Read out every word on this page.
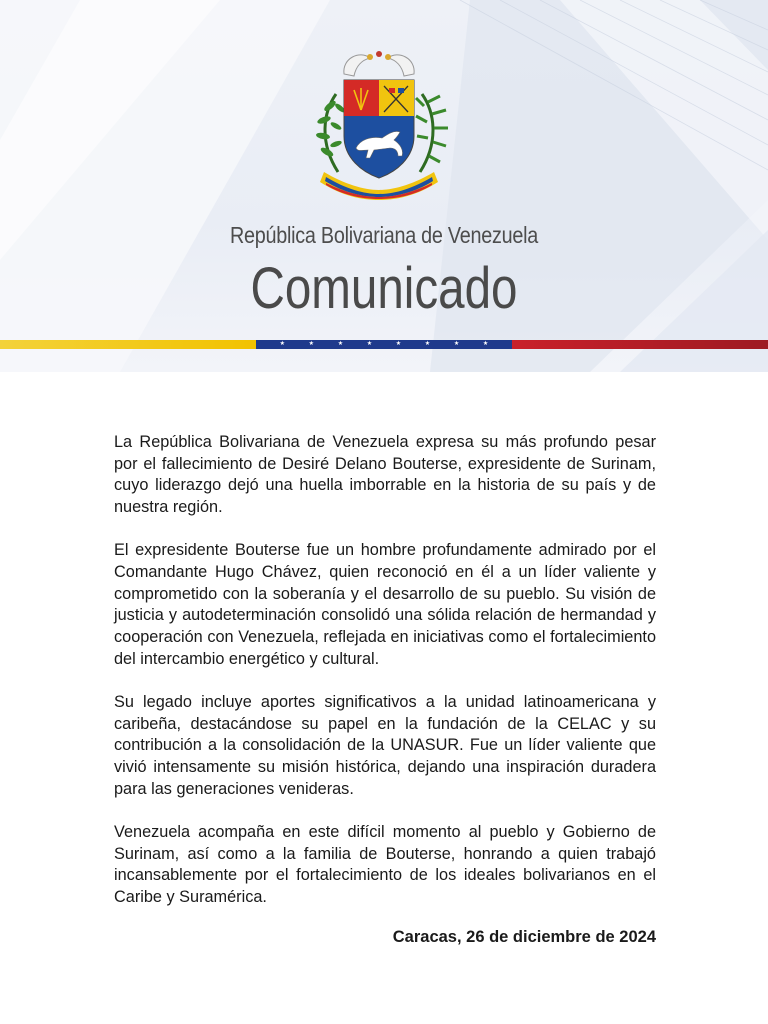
República Bolivariana de Venezuela
Comunicado
★	★	★	★	★	★	★	★

La República Bolivariana de Venezuela expresa su más profundo pesar por el fallecimiento de Desiré Delano Bouterse, expresidente de Surinam, cuyo liderazgo dejó una huella imborrable en la historia de su país y de nuestra región.

El expresidente Bouterse fue un hombre profundamente admirado por el Comandante Hugo Chávez, quien reconoció en él a un líder valiente y comprometido con la soberanía y el desarrollo de su pueblo. Su visión de justicia y autodeterminación consolidó una sólida relación de hermandad y cooperación con Venezuela, reflejada en iniciativas como el fortalecimiento del intercambio energético y cultural.

Su legado incluye aportes significativos a la unidad latinoamericana y caribeña, destacándose su papel en la fundación de la CELAC y su contribución a la consolidación de la UNASUR. Fue un líder valiente que vivió intensamente su misión histórica, dejando una inspiración duradera para las generaciones venideras.

Venezuela acompaña en este difícil momento al pueblo y Gobierno de Surinam, así como a la familia de Bouterse, honrando a quien trabajó incansablemente por el fortalecimiento de los ideales bolivarianos en el Caribe y Suramérica.

Caracas, 26 de diciembre de 2024
